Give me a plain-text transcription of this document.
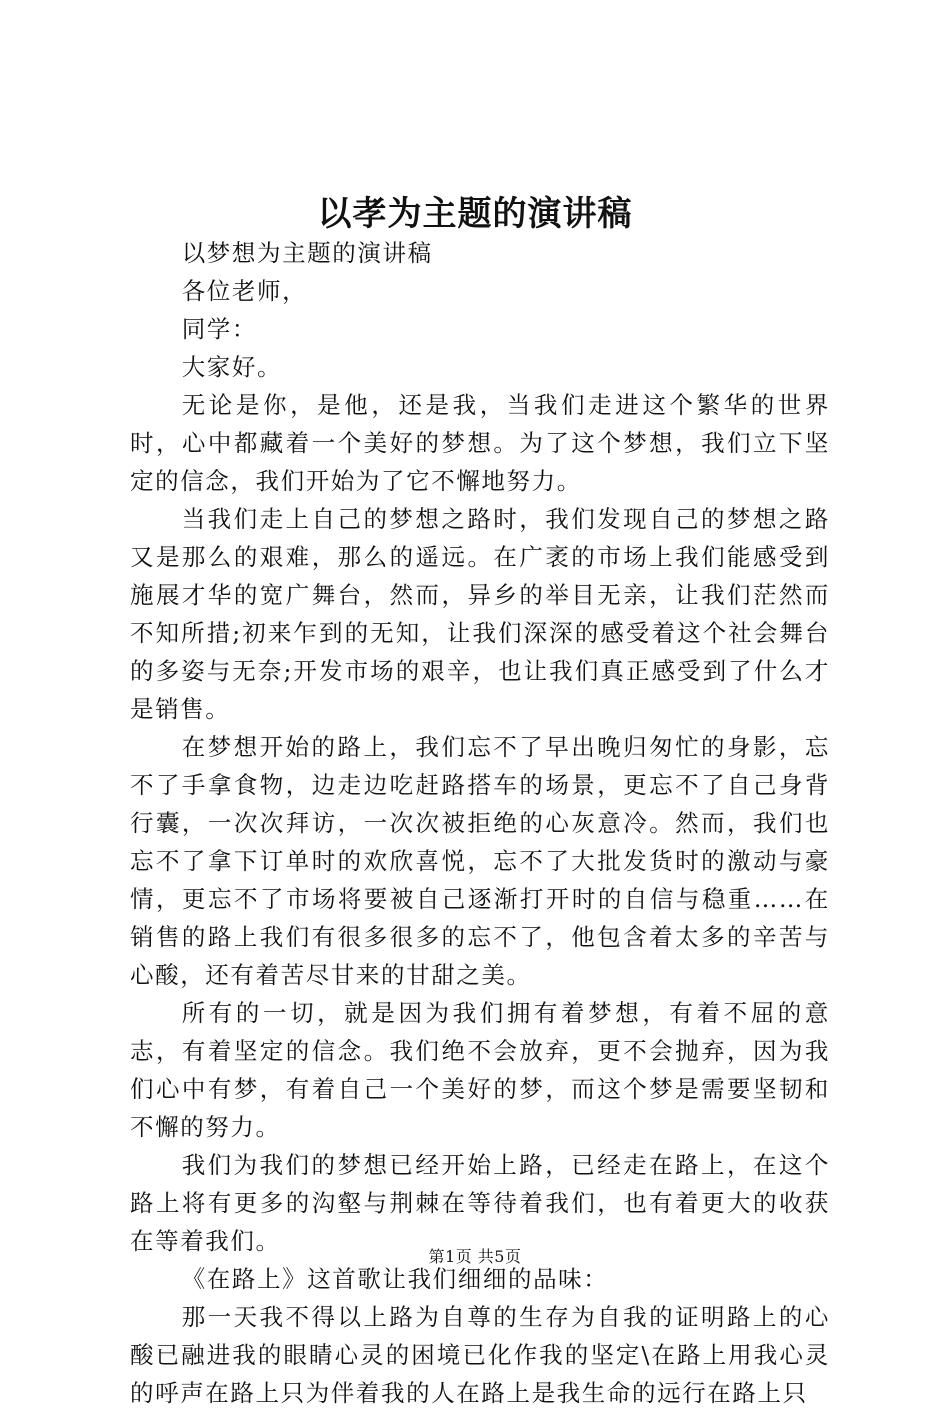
以孝为主题的演讲稿

以梦想为主题的演讲稿

各位老师，

同学：

大家好。

无论是你，是他，还是我，当我们走进这个繁华的世界时，心中都藏着一个美好的梦想。为了这个梦想，我们立下坚定的信念，我们开始为了它不懈地努力。

当我们走上自己的梦想之路时，我们发现自己的梦想之路又是那么的艰难，那么的遥远。在广袤的市场上我们能感受到施展才华的宽广舞台，然而，异乡的举目无亲，让我们茫然而不知所措;初来乍到的无知，让我们深深的感受着这个社会舞台的多姿与无奈;开发市场的艰辛，也让我们真正感受到了什么才是销售。

在梦想开始的路上，我们忘不了早出晚归匆忙的身影，忘不了手拿食物，边走边吃赶路搭车的场景，更忘不了自己身背行囊，一次次拜访，一次次被拒绝的心灰意冷。然而，我们也忘不了拿下订单时的欢欣喜悦，忘不了大批发货时的激动与豪情，更忘不了市场将要被自己逐渐打开时的自信与稳重……在销售的路上我们有很多很多的忘不了，他包含着太多的辛苦与心酸，还有着苦尽甘来的甘甜之美。

所有的一切，就是因为我们拥有着梦想，有着不屈的意志，有着坚定的信念。我们绝不会放弃，更不会抛弃，因为我们心中有梦，有着自己一个美好的梦，而这个梦是需要坚韧和不懈的努力。

我们为我们的梦想已经开始上路，已经走在路上，在这个路上将有更多的沟壑与荆棘在等待着我们，也有着更大的收获在等着我们。

《在路上》这首歌让我们细细的品味：

那一天我不得以上路为自尊的生存为自我的证明路上的心酸已融进我的眼睛心灵的困境已化作我的坚定\在路上用我心灵的呼声在路上只为伴着我的人在路上是我生命的远行在路上只

第1页 共5页
